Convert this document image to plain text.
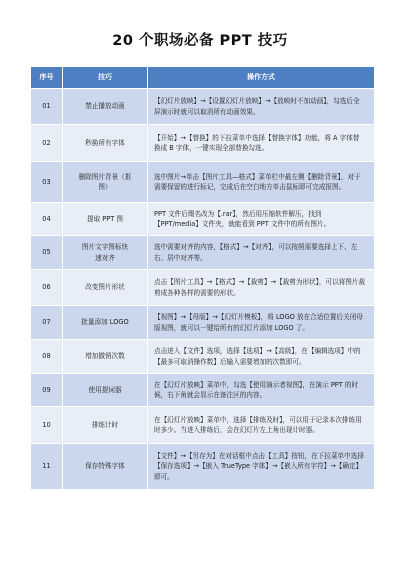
20 个职场必备 PPT 技巧
序号	技巧	操作方式
01	禁止播放动画	【幻灯片放映】→【设置幻灯片放映】→【放映时不加动画】，勾选后全屏演示时就可以取消所有动画效果。
02	秒换所有字体	【开始】→【替换】的下拉菜单中选择【替换字体】功能，将 A 字体替换成 B 字体，一键实现全部替换勾选。
03	删除图片背景（抠图）	选中图片→单击【图片工具—格式】菜单栏中最左侧【删除背景】，对于需要保留的进行标记，完成后在空白地方单击鼠标即可完成抠图。
04	提取 PPT 图	PPT 文件后缀名改为【.rar】，然后用压缩软件解压，找到【PPT/media】文件夹，就能看到 PPT 文件中的所有图片。
05	图片文字图标快速对齐	选中需要对齐的内容，【格式】→【对齐】，可以按照需要选择上下、左右、居中对齐等。
06	改变图片形状	点击【图片工具】→【格式】→【裁剪】→【裁剪为形状】，可以将图片裁剪成各种各样的需要的形状。
07	批量添加 LOGO	【视图】→【母版】→【幻灯片模板】，将 LOGO 放在合适位置后关闭母版视图，就可以一键给所有的幻灯片添加 LOGO 了。
08	增加撤销次数	点击进入【文件】选项，选择【选项】→【高级】，在【编辑选项】中的【最多可取消操作数】后输入需要增加的次数即可。
09	使用提词器	在【幻灯片放映】菜单中，勾选【使用演示者视图】，在演示 PPT 的时候，右下角就会显示在备注区的内容。
10	排练计时	在【幻灯片放映】菜单中，选择【排练及时】，可以用于记录本次排练用时多少。当进入排练后，会在幻灯片左上角出现计时器。
11	保存特殊字体	【文件】→【另存为】在对话框中点击【工具】按钮，在下拉菜单中选择【保存选项】→【嵌入 TrueType 字体】→【嵌入所有字符】→【确定】即可。
